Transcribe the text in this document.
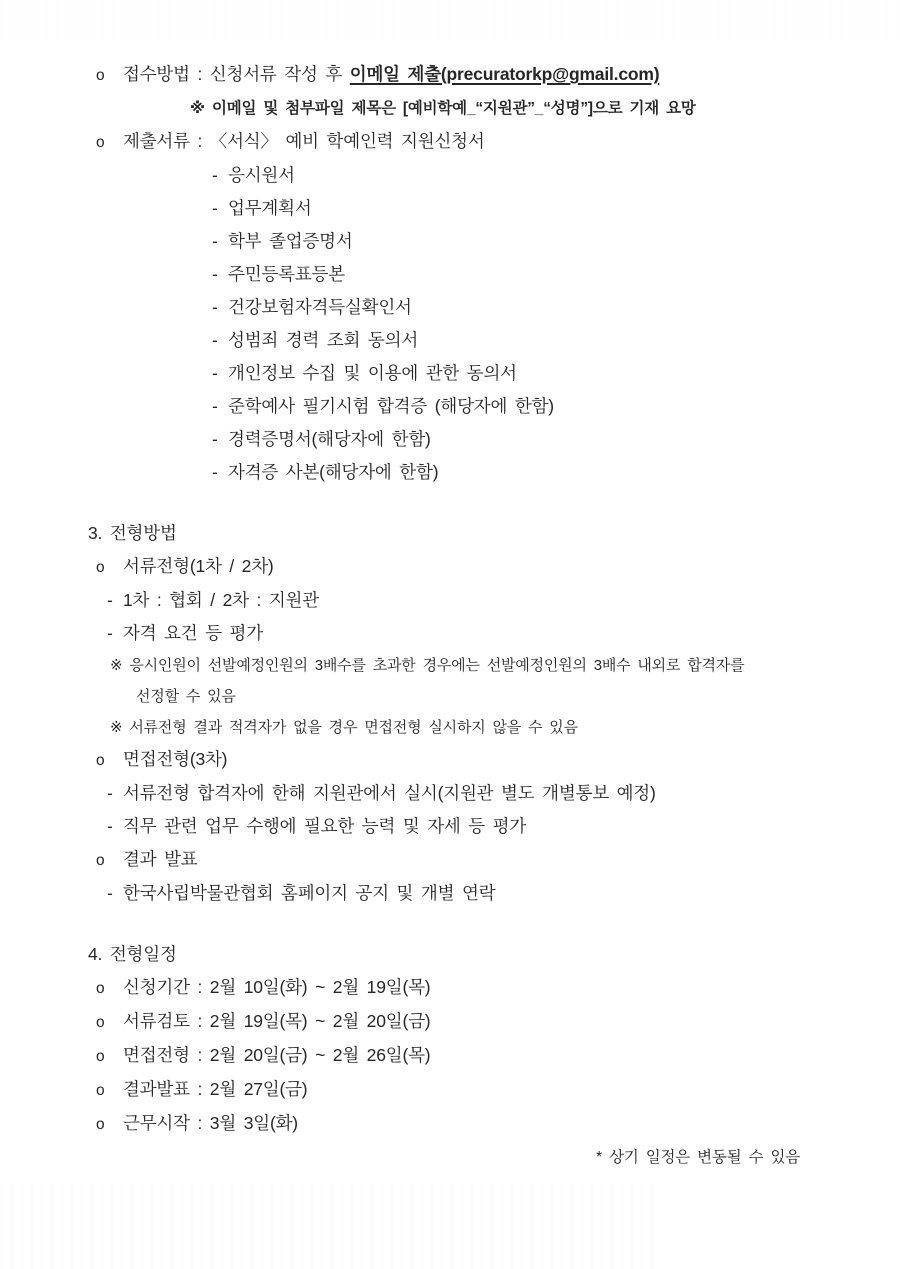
o 접수방법 : 신청서류 작성 후 이메일 제출(precuratorkp@gmail.com)
※ 이메일 및 첨부파일 제목은 [예비학예_“지원관”_“성명”]으로 기재 요망
o 제출서류 : 〈서식〉 예비 학예인력 지원신청서
- 응시원서
- 업무계획서
- 학부 졸업증명서
- 주민등록표등본
- 건강보험자격득실확인서
- 성범죄 경력 조회 동의서
- 개인정보 수집 및 이용에 관한 동의서
- 준학예사 필기시험 합격증 (해당자에 한함)
- 경력증명서(해당자에 한함)
- 자격증 사본(해당자에 한함)
3. 전형방법
o 서류전형(1차 / 2차)
- 1차 : 협회 / 2차 : 지원관
- 자격 요건 등 평가
※ 응시인원이 선발예정인원의 3배수를 초과한 경우에는 선발예정인원의 3배수 내외로 합격자를
선정할 수 있음
※ 서류전형 결과 적격자가 없을 경우 면접전형 실시하지 않을 수 있음
o 면접전형(3차)
- 서류전형 합격자에 한해 지원관에서 실시(지원관 별도 개별통보 예정)
- 직무 관련 업무 수행에 필요한 능력 및 자세 등 평가
o 결과 발표
- 한국사립박물관협회 홈페이지 공지 및 개별 연락
4. 전형일정
o 신청기간 : 2월 10일(화) ~ 2월 19일(목)
o 서류검토 : 2월 19일(목) ~ 2월 20일(금)
o 면접전형 : 2월 20일(금) ~ 2월 26일(목)
o 결과발표 : 2월 27일(금)
o 근무시작 : 3월 3일(화)
* 상기 일정은 변동될 수 있음
